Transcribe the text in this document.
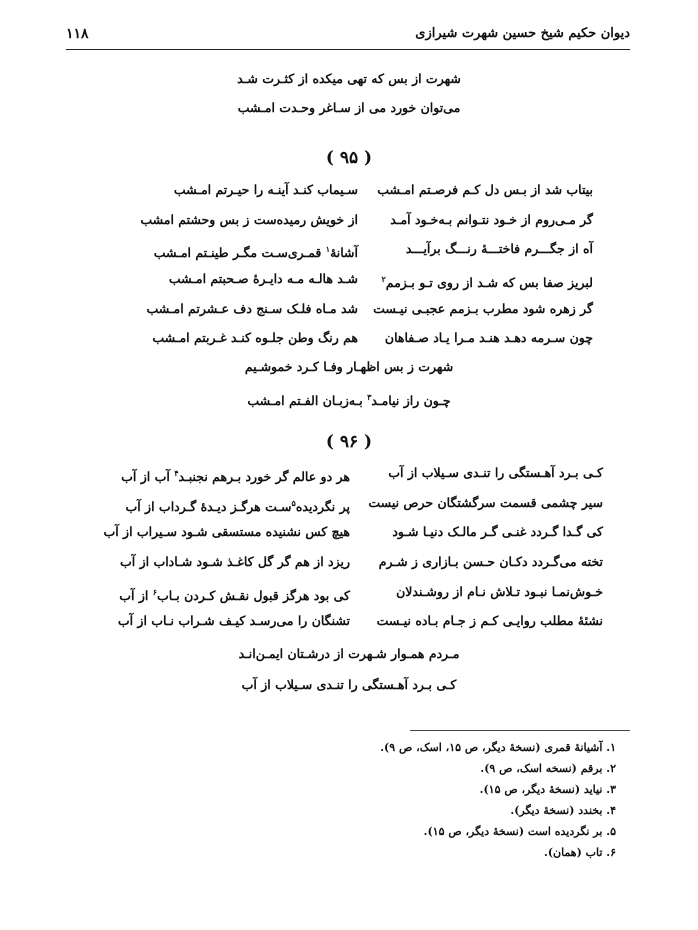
۱۱۸	دیوان حکیم شیخ حسین شهرت شیرازی
شهرت از بس که تهی میکده از کثـرت شـد
می‌توان خورد می از سـاغر وحـدت امـشب
( ۹۵ )
بیتاب شد از بـس دل کـم فرصـتم امـشب
سـیماب کنـد آینـه را حیـرتم امـشب
گر مـی‌روم از خـود نتـوانم بـه‌خـود آمـد
از خویش رمیده‌ست ز بس وحشتم امشب
آه از جگـــرم فاختـــهٔ رنـــگ برآیـــد
آشانهٔ$^۱$ قمـری‌سـت مگـر طینـتم امـشب
لبریز صفا بس که شـد از روی تـو بـزمم$^۲$
شـد هالـه مـه دایـرهٔ صـحبتم امـشب
گر زهره شود مطرب بـزمم عجبـی نیـست
شد مـاه فلـک سـنج دف عـشرتم امـشب
چون سـرمه دهـد هنـد مـرا یـاد صـفاهان
هم رنگ وطن جلـوه کنـد غـربتم امـشب
شهرت ز بس اظهـار وفـا کـرد خموشـیم
چـون راز نیامـد$^۳$ بـه‌زبـان الفـتم امـشب
( ۹۶ )
کـی بـرد آهـستگی را تنـدی سـیلاب از آب
هر دو عالم گر خورد بـرهم نجنبـد$^۴$ آب از آب
سیر چشمی قسمت سرگشتگان حرص نیست
پر نگردیده$^۵$سـت هرگـز دیـدهٔ گـرداب از آب
کی گـدا گـردد غنـی گـر مالـک دنیـا شـود
هیچ کس نشنیده مستسقی شـود سـیراب از آب
تخته می‌گـردد دکـان حـسن بـازاری ز شـرم
ریزد از هم گر گل کاغـذ شـود شـاداب از آب
خـوش‌نمـا نبـود تـلاش نـام از روشـندلان
کی بود هرگز قبول نقـش کـردن بـاب$^۶$ از آب
نشئهٔ مطلب روایـی کـم ز جـام بـاده نیـست
تشنگان را می‌رسـد کیـف شـراب نـاب از آب
مـردم همـوار شـهرت از درشـتان ایمـن‌انـد
کـی بـرد آهـستگی را تنـدی سـیلاب از آب
۱. آشیانهٔ قمری (نسخهٔ دیگر، ص ۱۵، اسک، ص ۹).
۲. برقم (نسخه اسک، ص ۹).
۳. نیاید (نسخهٔ دیگر، ص ۱۵).
۴. بخندد (نسخهٔ دیگر).
۵. بر نگردیده است (نسخهٔ دیگر، ص ۱۵).
۶. تاب (همان).
